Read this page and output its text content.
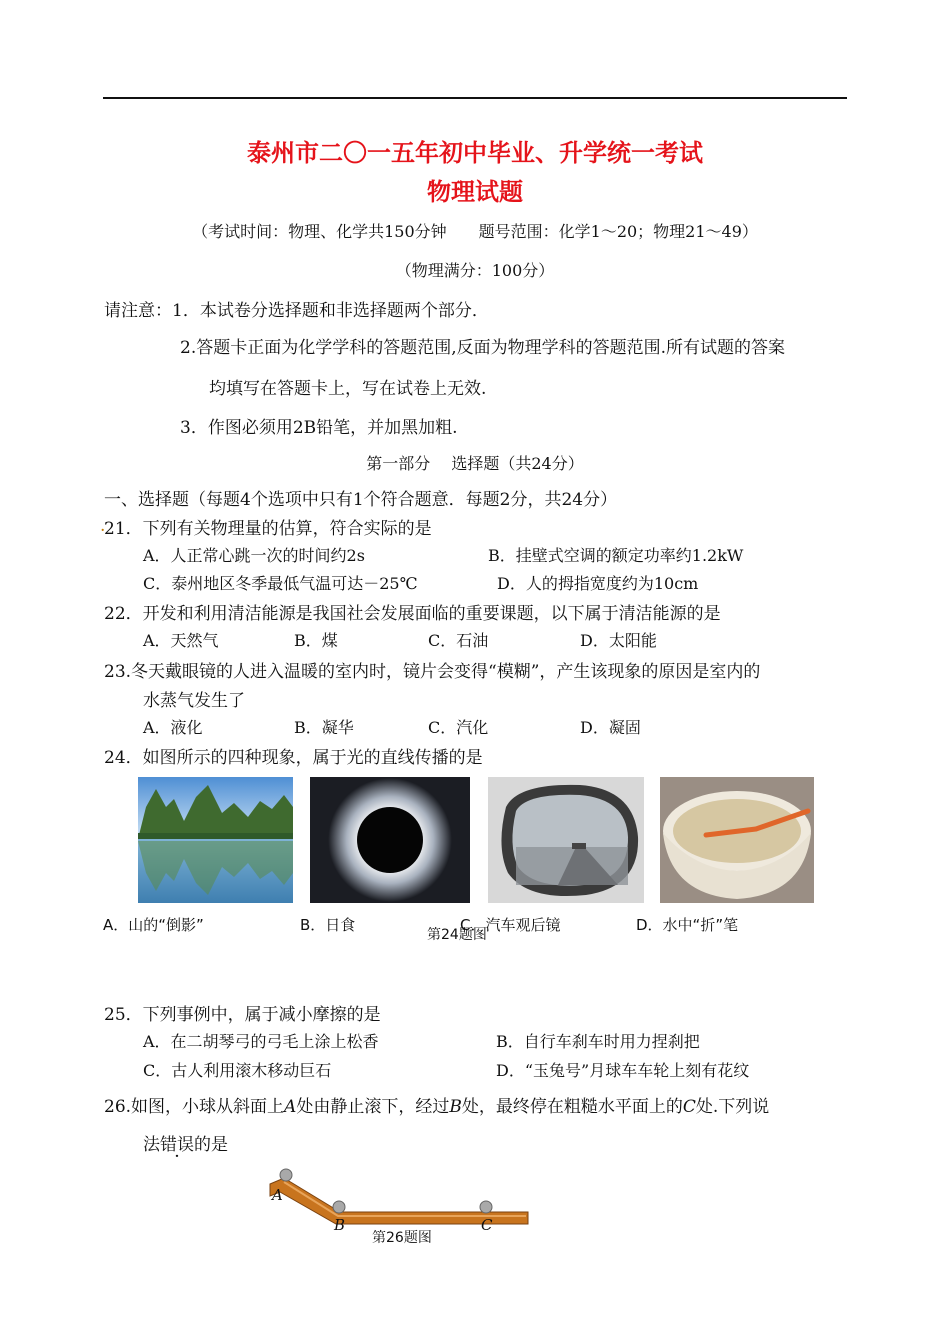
泰州市二〇一五年初中毕业、升学统一考试
物理试题
（考试时间：物理、化学共150分钟　　题号范围：化学1～20；物理21～49）
（物理满分：100分）
请注意：1．本试卷分选择题和非选择题两个部分．
2.答题卡正面为化学学科的答题范围,反面为物理学科的答题范围.所有试题的答案
均填写在答题卡上，写在试卷上无效.
3．作图必须用2B铅笔，并加黑加粗.
第一部分　 选择题（共24分）
一、选择题（每题4个选项中只有1个符合题意．每题2分，共24分）
.
21．下列有关物理量的估算，符合实际的是
A．人正常心跳一次的时间约2s	B．挂壁式空调的额定功率约1.2kW
C．泰州地区冬季最低气温可达－25℃	D．人的拇指宽度约为10cm
22．开发和利用清洁能源是我国社会发展面临的重要课题，以下属于清洁能源的是
A．天然气	B．煤	C．石油	D．太阳能
23.冬天戴眼镜的人进入温暖的室内时，镜片会变得“模糊”，产生该现象的原因是室内的
水蒸气发生了
A．液化	B．凝华	C．汽化	D．凝固
24．如图所示的四种现象，属于光的直线传播的是
A．山的“倒影”	B．日食	C．汽车观后镜	D．水中“折”笔
第24题图
25．下列事例中，属于减小摩擦的是
A．在二胡琴弓的弓毛上涂上松香	B．自行车刹车时用力捏刹把
C．古人利用滚木移动巨石	D．“玉兔号”月球车车轮上刻有花纹
26.如图，小球从斜面上A处由静止滚下，经过B处，最终停在粗糙水平面上的C处.下列说
法错误的是
A
B	C
第26题图
